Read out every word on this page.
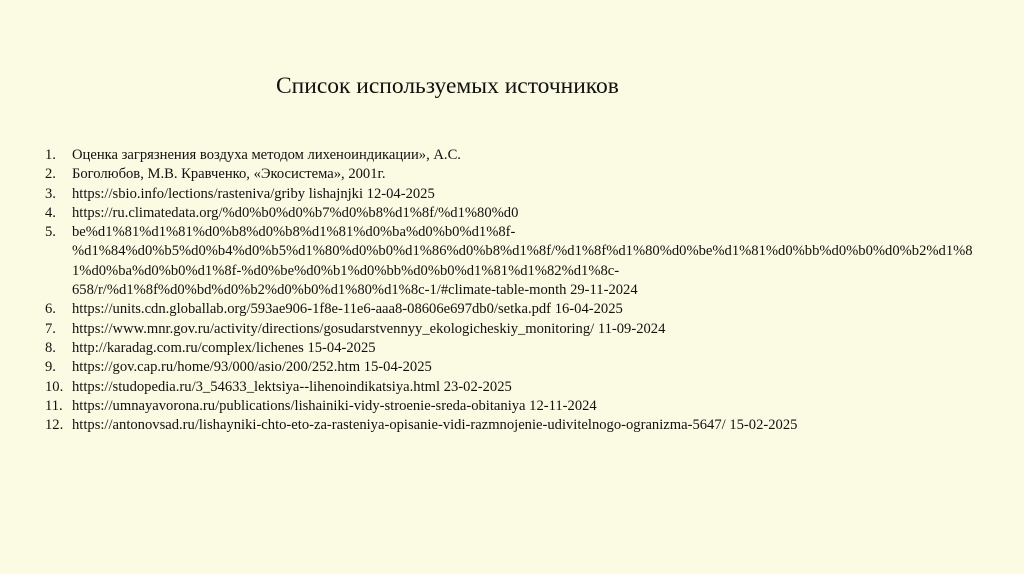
Список используемых источников
1.	Оценка загрязнения воздуха методом лихеноиндикации», А.С.
2.	Боголюбов, М.В. Кравченко, «Экосистема», 2001г.
3.	https://sbio.info/lections/rasteniva/griby lishajnjki 12-04-2025
4.	https://ru.climatedata.org/%d0%b0%d0%b7%d0%b8%d1%8f/%d1%80%d0
5.	be%d1%81%d1%81%d0%b8%d0%b8%d1%81%d0%ba%d0%b0%d1%8f-%d1%84%d0%b5%d0%b4%d0%b5%d1%80%d0%b0%d1%86%d0%b8%d1%8f/%d1%8f%d1%80%d0%be%d1%81%d0%bb%d0%b0%d0%b2%d1%81%d0%ba%d0%b0%d1%8f-%d0%be%d0%b1%d0%bb%d0%b0%d1%81%d1%82%d1%8c-658/r/%d1%8f%d0%bd%d0%b2%d0%b0%d1%80%d1%8c-1/#climate-table-month 29-11-2024
6.	https://units.cdn.globallab.org/593ae906-1f8e-11e6-aaa8-08606e697db0/setka.pdf 16-04-2025
7.	https://www.mnr.gov.ru/activity/directions/gosudarstvennyy_ekologicheskiy_monitoring/ 11-09-2024
8.	http://karadag.com.ru/complex/lichenes 15-04-2025
9.	https://gov.cap.ru/home/93/000/asio/200/252.htm 15-04-2025
10. https://studopedia.ru/3_54633_lektsiya--lihenoindikatsiya.html 23-02-2025
11. https://umnayavorona.ru/publications/lishainiki-vidy-stroenie-sreda-obitaniya 12-11-2024
12. https://antonovsad.ru/lishayniki-chto-eto-za-rasteniya-opisanie-vidi-razmnojenie-udivitelnogo-ogranizma-5647/ 15-02-2025
